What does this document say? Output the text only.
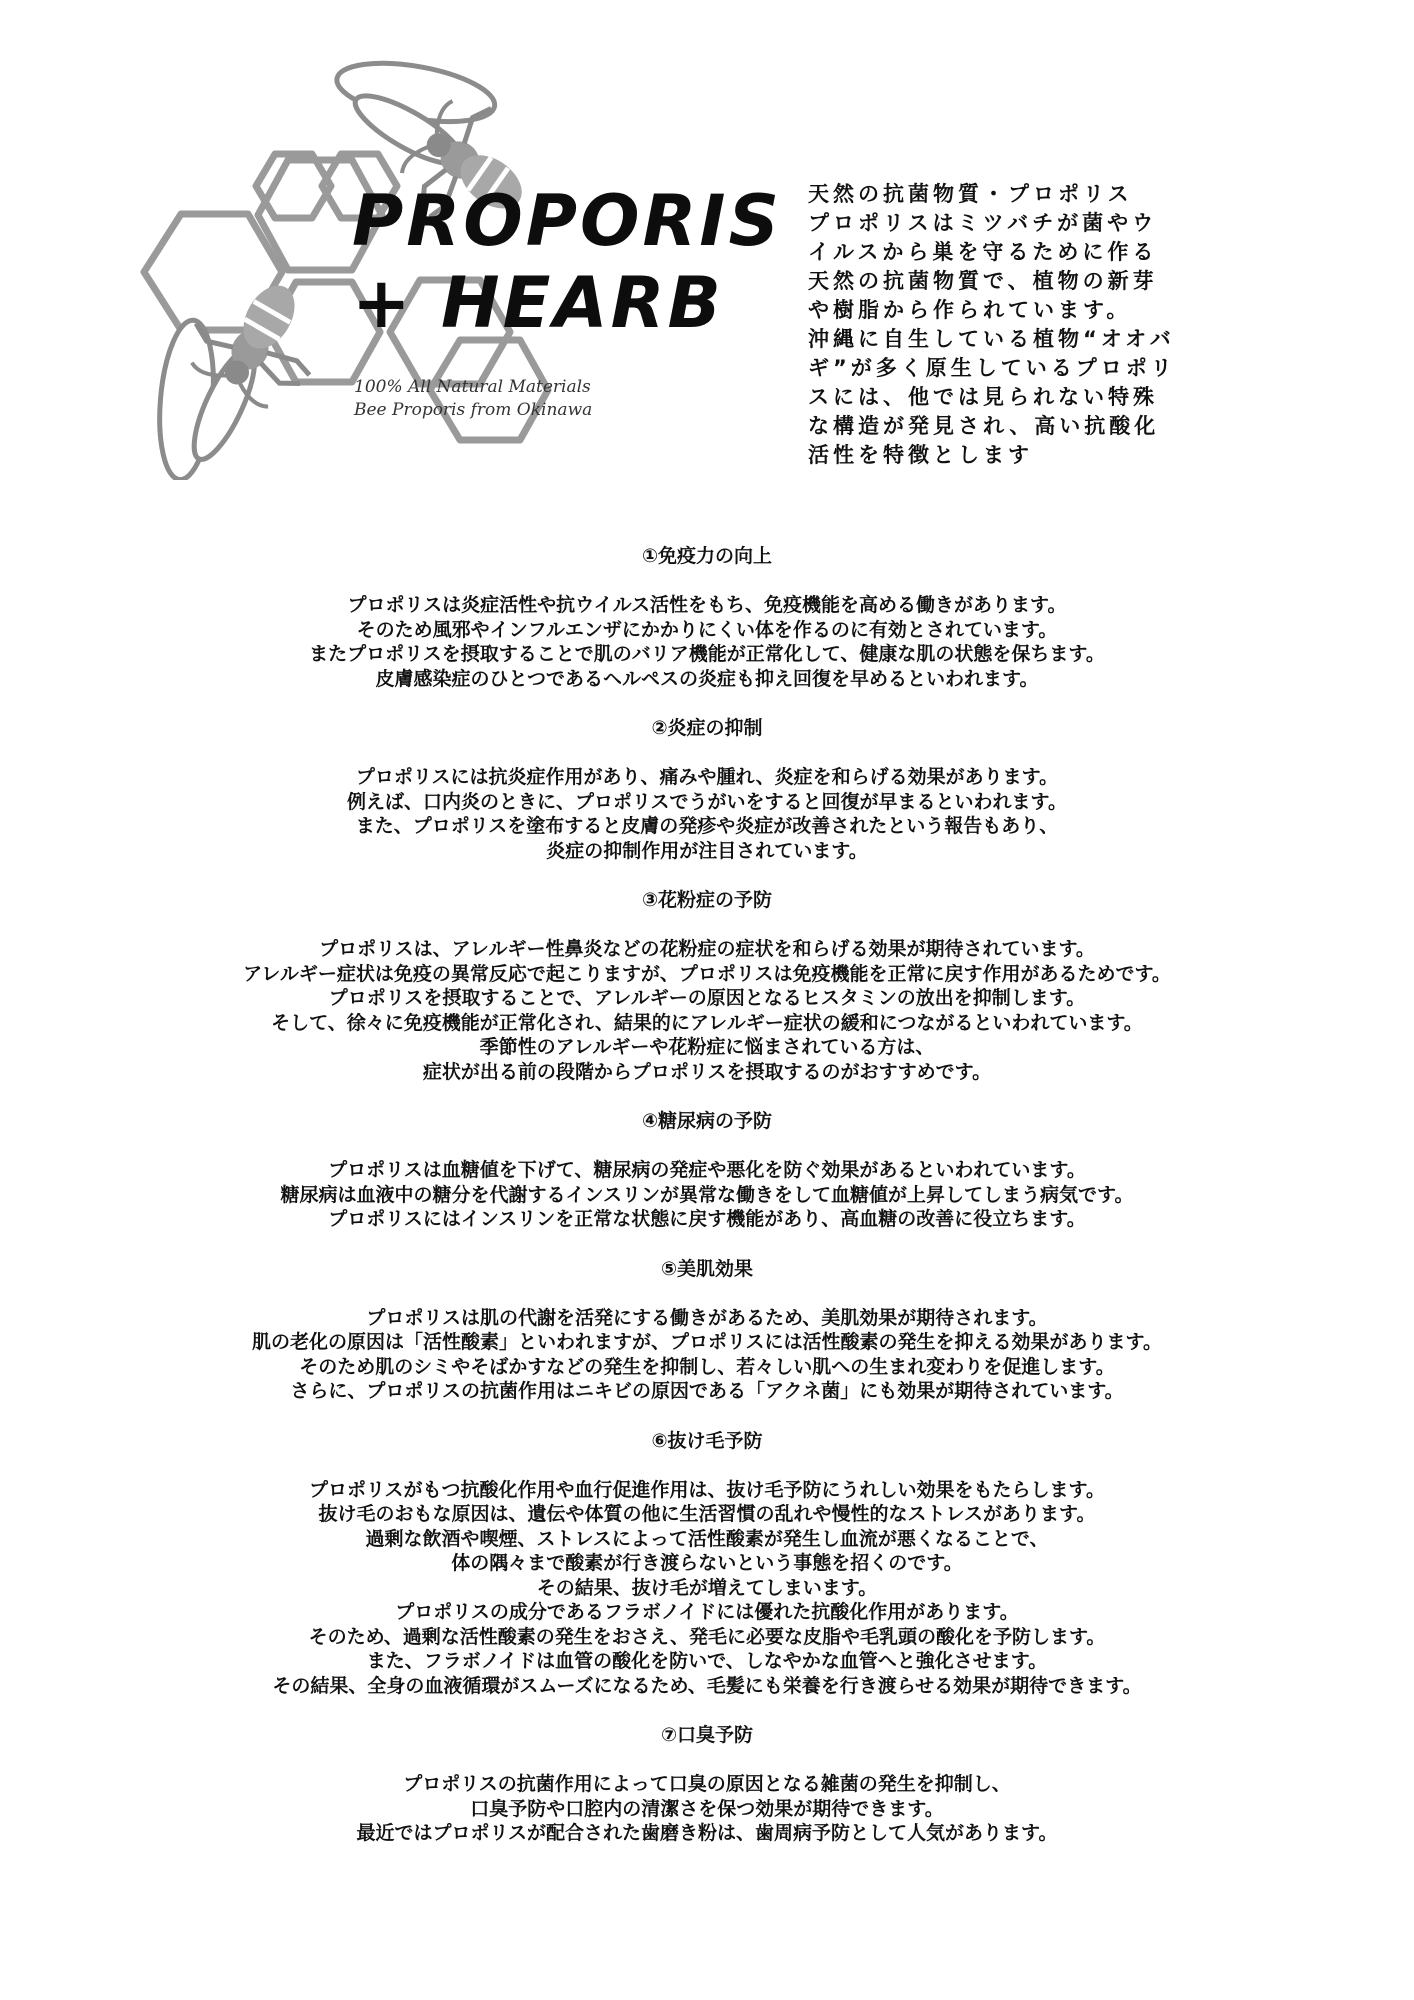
PROPORIS
+ HEARB
100% All Natural Materials
Bee Proporis from Okinawa
天然の抗菌物質・プロポリス
プロポリスはミツバチが菌やウ
イルスから巣を守るために作る
天然の抗菌物質で、植物の新芽
や樹脂から作られています。
沖縄に自生している植物“オオバ
ギ”が多く原生しているプロポリ
スには、他では見られない特殊
な構造が発見され、高い抗酸化
活性を特徴とします
①免疫力の向上

プロポリスは炎症活性や抗ウイルス活性をもち、免疫機能を高める働きがあります。
そのため風邪やインフルエンザにかかりにくい体を作るのに有効とされています。
またプロポリスを摂取することで肌のバリア機能が正常化して、健康な肌の状態を保ちます。
皮膚感染症のひとつであるヘルペスの炎症も抑え回復を早めるといわれます。

②炎症の抑制

プロポリスには抗炎症作用があり、痛みや腫れ、炎症を和らげる効果があります。
例えば、口内炎のときに、プロポリスでうがいをすると回復が早まるといわれます。
また、プロポリスを塗布すると皮膚の発疹や炎症が改善されたという報告もあり、
炎症の抑制作用が注目されています。

③花粉症の予防

プロポリスは、アレルギー性鼻炎などの花粉症の症状を和らげる効果が期待されています。
アレルギー症状は免疫の異常反応で起こりますが、プロポリスは免疫機能を正常に戻す作用があるためです。
プロポリスを摂取することで、アレルギーの原因となるヒスタミンの放出を抑制します。
そして、徐々に免疫機能が正常化され、結果的にアレルギー症状の緩和につながるといわれています。
季節性のアレルギーや花粉症に悩まされている方は、
症状が出る前の段階からプロポリスを摂取するのがおすすめです。

④糖尿病の予防

プロポリスは血糖値を下げて、糖尿病の発症や悪化を防ぐ効果があるといわれています。
糖尿病は血液中の糖分を代謝するインスリンが異常な働きをして血糖値が上昇してしまう病気です。
プロポリスにはインスリンを正常な状態に戻す機能があり、高血糖の改善に役立ちます。

⑤美肌効果

プロポリスは肌の代謝を活発にする働きがあるため、美肌効果が期待されます。
肌の老化の原因は「活性酸素」といわれますが、プロポリスには活性酸素の発生を抑える効果があります。
そのため肌のシミやそばかすなどの発生を抑制し、若々しい肌への生まれ変わりを促進します。
さらに、プロポリスの抗菌作用はニキビの原因である「アクネ菌」にも効果が期待されています。

⑥抜け毛予防

プロポリスがもつ抗酸化作用や血行促進作用は、抜け毛予防にうれしい効果をもたらします。
抜け毛のおもな原因は、遺伝や体質の他に生活習慣の乱れや慢性的なストレスがあります。
過剰な飲酒や喫煙、ストレスによって活性酸素が発生し血流が悪くなることで、
体の隅々まで酸素が行き渡らないという事態を招くのです。
その結果、抜け毛が増えてしまいます。
プロポリスの成分であるフラボノイドには優れた抗酸化作用があります。
そのため、過剰な活性酸素の発生をおさえ、発毛に必要な皮脂や毛乳頭の酸化を予防します。
また、フラボノイドは血管の酸化を防いで、しなやかな血管へと強化させます。
その結果、全身の血液循環がスムーズになるため、毛髪にも栄養を行き渡らせる効果が期待できます。

⑦口臭予防

プロポリスの抗菌作用によって口臭の原因となる雑菌の発生を抑制し、
口臭予防や口腔内の清潔さを保つ効果が期待できます。
最近ではプロポリスが配合された歯磨き粉は、歯周病予防として人気があります。
